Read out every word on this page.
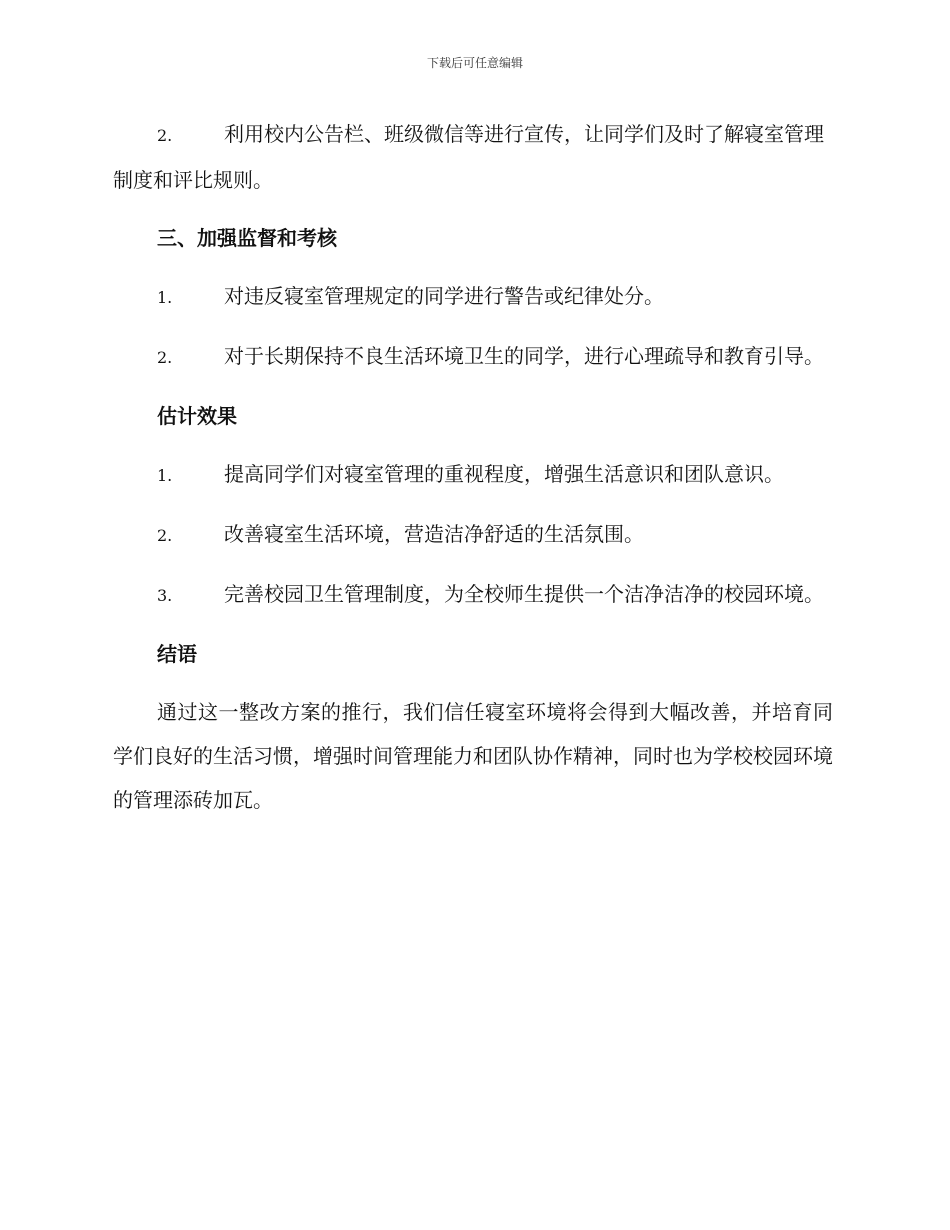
下载后可任意编辑
2.	利用校内公告栏、班级微信等进行宣传，让同学们及时了解寝室管理制度和评比规则。
三、加强监督和考核
1.	对违反寝室管理规定的同学进行警告或纪律处分。
2.	对于长期保持不良生活环境卫生的同学，进行心理疏导和教育引导。
估计效果
1.	提高同学们对寝室管理的重视程度，增强生活意识和团队意识。
2.	改善寝室生活环境，营造洁净舒适的生活氛围。
3.	完善校园卫生管理制度，为全校师生提供一个洁净洁净的校园环境。
结语
通过这一整改方案的推行，我们信任寝室环境将会得到大幅改善，并培育同学们良好的生活习惯，增强时间管理能力和团队协作精神，同时也为学校校园环境的管理添砖加瓦。
